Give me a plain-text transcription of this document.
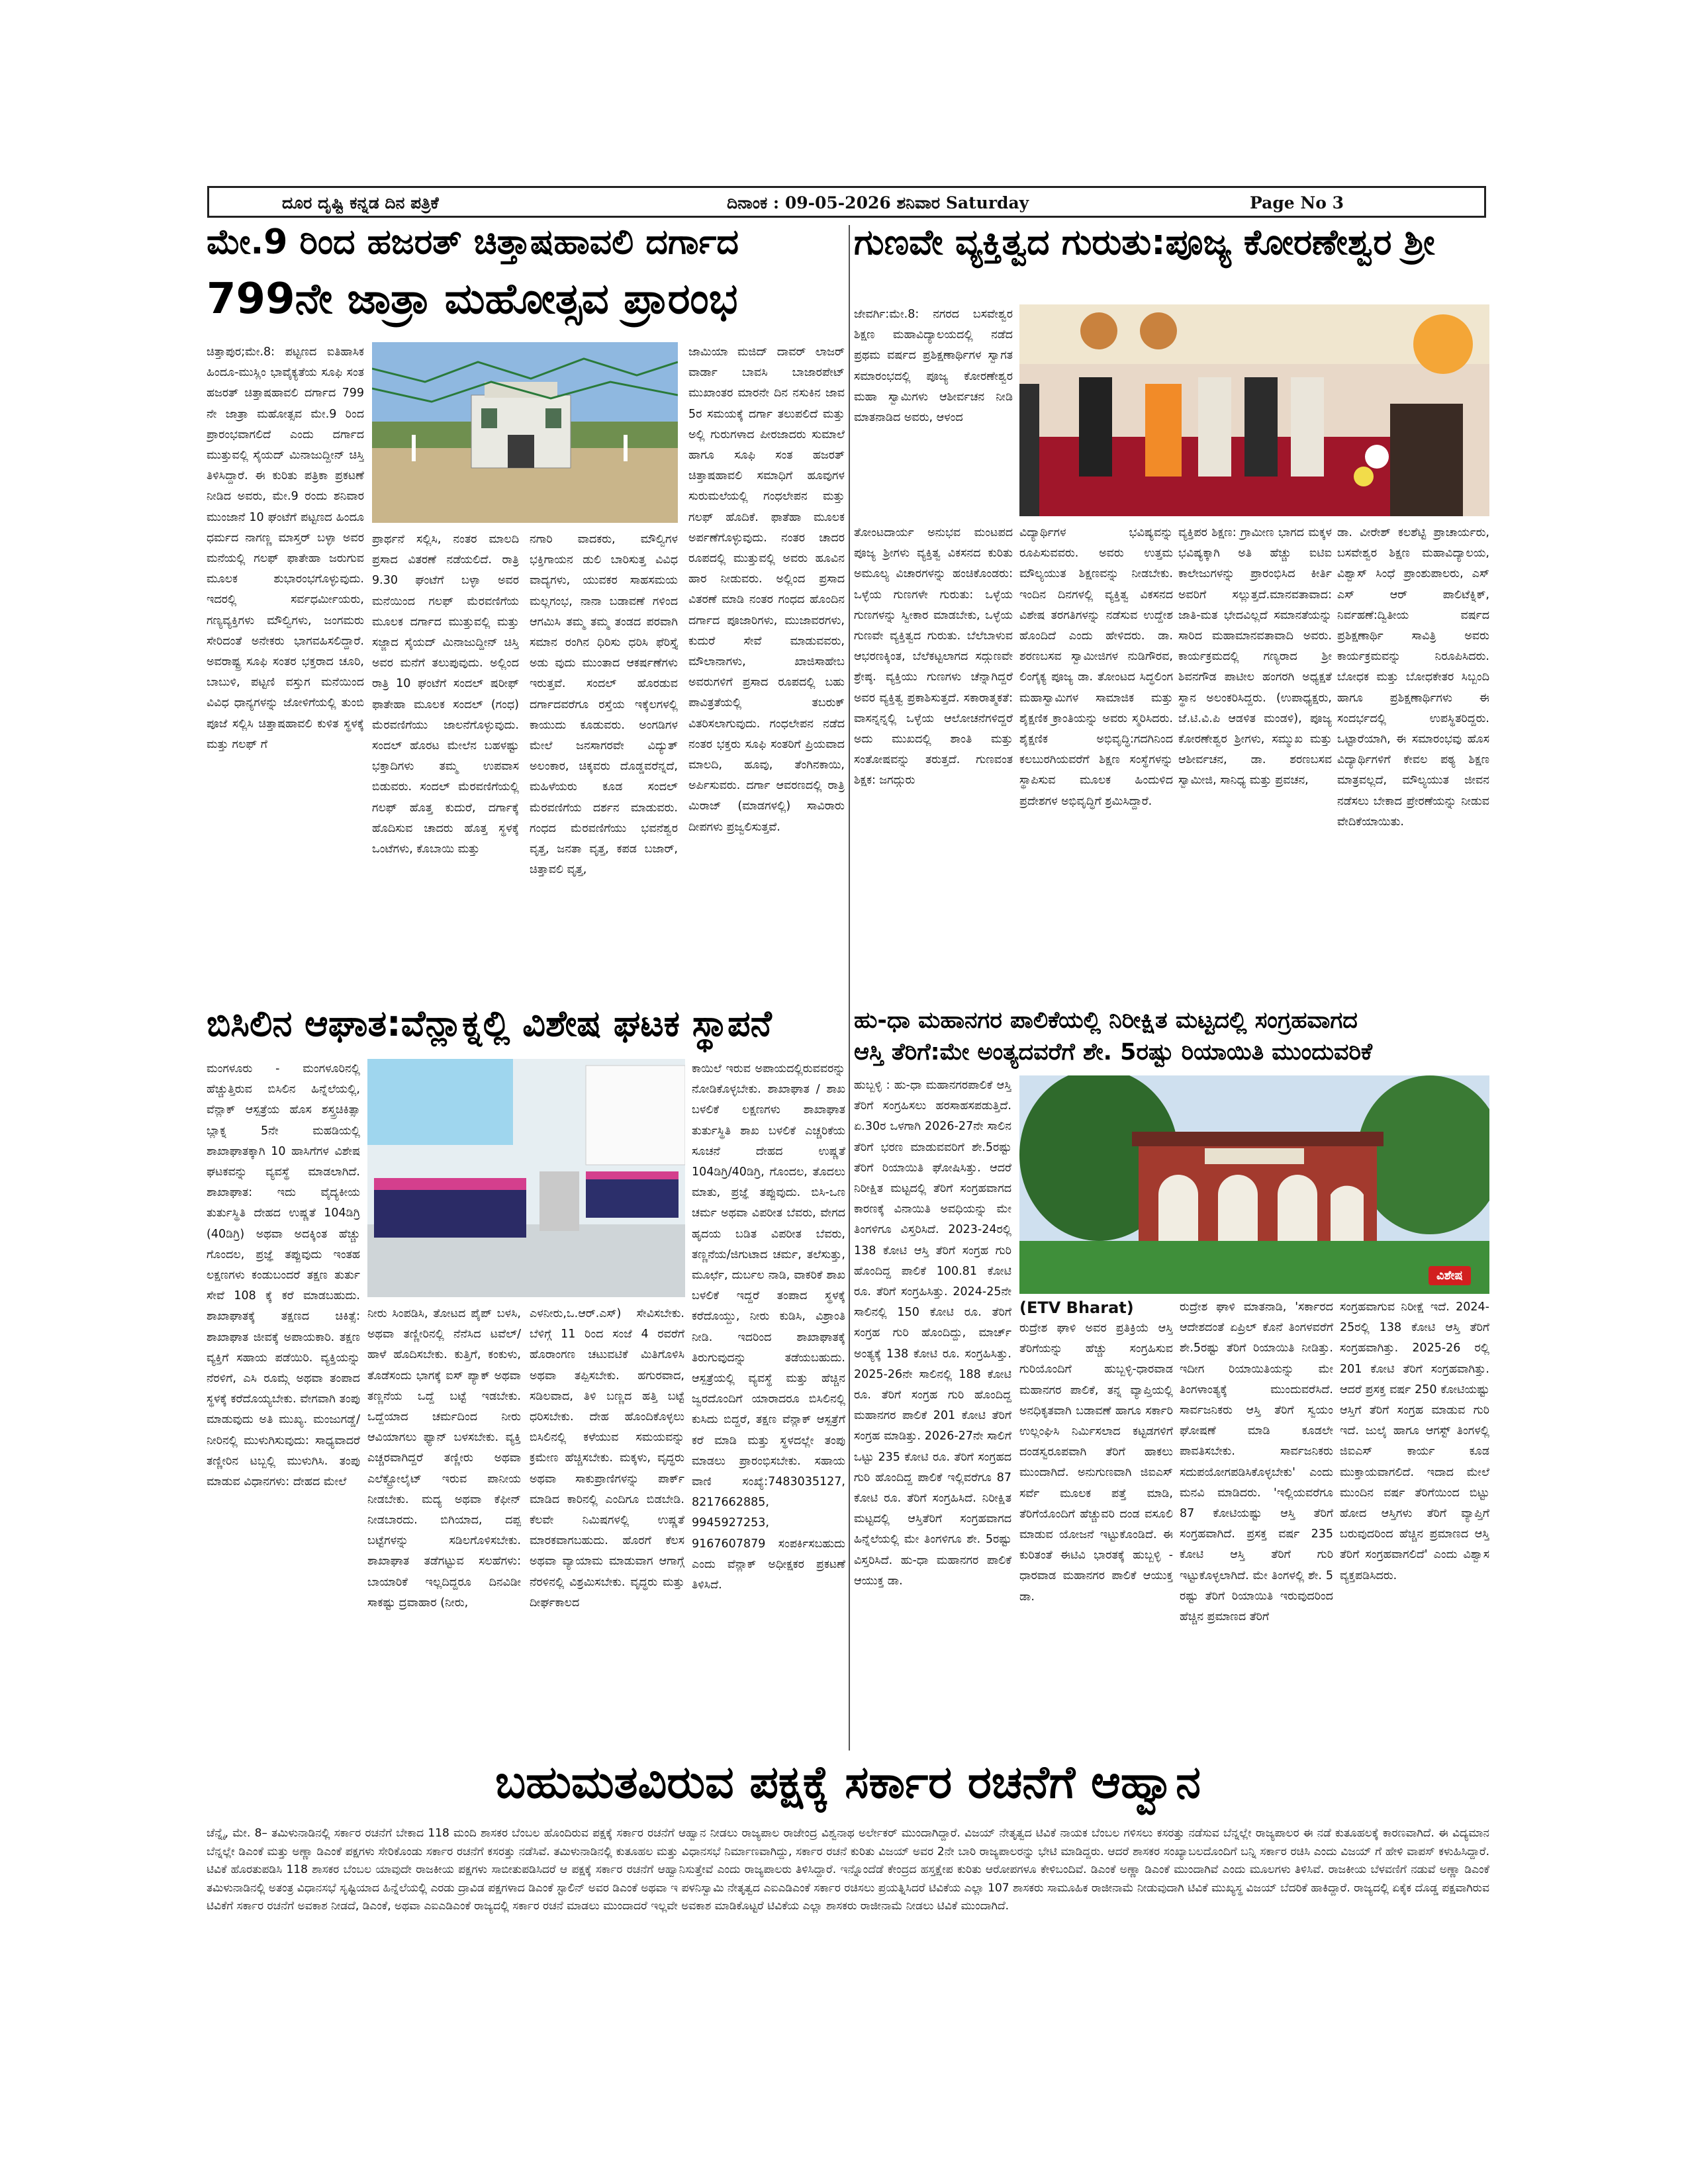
ದೂರ ದೃಷ್ಟಿ ಕನ್ನಡ ದಿನ ಪತ್ರಿಕೆ	ದಿನಾಂಕ : 09-05-2026 ಶನಿವಾರ Saturday	Page No 3
ಮೇ.9 ರಿಂದ ಹಜರತ್ ಚಿತ್ತಾಷಹಾವಲಿ ದರ್ಗಾದ
799ನೇ ಜಾತ್ರಾ ಮಹೋತ್ಸವ ಪ್ರಾರಂಭ

ಚಿತ್ತಾಪುರ;ಮೇ.8: ಪಟ್ಟಣದ ಐತಿಹಾಸಿಕ ಹಿಂದೂ-ಮುಸ್ಲಿಂ ಭಾವೈಕ್ಯತೆಯ ಸೂಫಿ ಸಂತ ಹಜರತ್ ಚಿತ್ತಾಷಹಾವಲಿ ದರ್ಗಾದ 799 ನೇ ಜಾತ್ರಾ ಮಹೋತ್ಸವ ಮೇ.9 ರಿಂದ ಪ್ರಾರಂಭವಾಗಲಿದೆ ಎಂದು ದರ್ಗಾದ ಮುತ್ತುವಲ್ಲಿ ಸೈಯದ್ ಮಿನಾಜುದ್ದೀನ್ ಚಿಸ್ತಿ ತಿಳಿಸಿದ್ದಾರೆ. ಈ ಕುರಿತು ಪತ್ರಿಕಾ ಪ್ರಕಟಣೆ ನೀಡಿದ ಅವರು, ಮೇ.9 ರಂದು ಶನಿವಾರ ಮುಂಜಾನೆ 10 ಘಂಟೆಗೆ ಪಟ್ಟಣದ ಹಿಂದೂ ಧರ್ಮದ ನಾಗಣ್ಣ ಮಾಸ್ತರ್ ಬಳ್ಳಾ ಅವರ ಮನೆಯಲ್ಲಿ ಗಲಫ್ ಫಾತೇಹಾ ಜರುಗುವ ಮೂಲಕ ಶುಭಾರಂಭಗೊಳ್ಳುವುದು. ಇದರಲ್ಲಿ ಸರ್ವಧರ್ಮೀಯರು, ಗಣ್ಯವ್ಯಕ್ತಿಗಳು ಮೌಲ್ವಿಗಳು, ಜಂಗಮರು ಸೇರಿದಂತೆ ಅನೇಕರು ಭಾಗವಹಿಸಲಿದ್ದಾರೆ. ಅವರಾಷ್ಟ್ರ ಸೂಫಿ ಸಂತರ ಭಕ್ತರಾದ ಚೂರಿ, ಬಾಬುಳಿ, ಪಟ್ಟಣಿ ವಸ್ತುಗ ಮನೆಯಿಂದ ವಿವಿಧ ಧಾನ್ಯಗಳನ್ನು ಜೋಳಿಗೆಯಲ್ಲಿ ತುಂಬಿ ಪೂಜೆ ಸಲ್ಲಿಸಿ ಚಿತ್ತಾಷಹಾವಲಿ ಕುಳಿತ ಸ್ಥಳಕ್ಕೆ ಮತ್ತು ಗಲಫ್ ಗೆ

ಪ್ರಾರ್ಥನೆ ಸಲ್ಲಿಸಿ, ನಂತರ ಮಾಲದಿ ಪ್ರಸಾದ ವಿತರಣೆ ನಡೆಯಲಿದೆ. ರಾತ್ರಿ 9.30 ಘಂಟೆಗೆ ಬಳ್ಳಾ ಅವರ ಮನೆಯಿಂದ ಗಲಫ್ ಮೆರವಣಿಗೆಯ ಮೂಲಕ ದರ್ಗಾದ ಮುತ್ತುವಲ್ಲಿ ಮತ್ತು ಸಜ್ಜಾದ ಸೈಯದ್ ಮಿನಾಜುದ್ದೀನ್ ಚಿಸ್ತಿ ಅವರ ಮನೆಗೆ ತಲುಪುವುದು. ಅಲ್ಲಿಂದ ರಾತ್ರಿ 10 ಘಂಟೆಗೆ ಸಂದಲ್ ಷರೀಫ್ ಫಾತೇಹಾ ಮೂಲಕ ಸಂದಲ್ (ಗಂಧ) ಮೆರವಣಿಗೆಯು ಜಾಲನೆಗೊಳ್ಳುವುದು. ಸಂದಲ್ ಹೊರಟ ಮೇಲೆನ ಬಹಳಷ್ಟು ಭಕ್ತಾದಿಗಳು ತಮ್ಮ ಉಪವಾಸ ಬಿಡುವರು. ಸಂದಲ್ ಮೆರವಣಿಗೆಯಲ್ಲಿ ಗಲಫ್ ಹೊತ್ತ ಕುದುರೆ, ದರ್ಗಾಕ್ಕೆ ಹೊದಿಸುವ ಚಾದರು ಹೊತ್ತ ಸ್ಥಳಕ್ಕೆ ಒಂಟೆಗಳು, ಕೊಬಾಯಿ ಮತ್ತು

ನಗಾರಿ ವಾದಕರು, ಮೌಲ್ವಿಗಳ ಭಕ್ತಿಗಾಯನ ಡುಲಿ ಬಾರಿಸುತ್ತ ವಿವಿಧ ವಾದ್ಯಗಳು, ಯುವಕರ ಸಾಹಸಮಯ ಮಲ್ಲಗಂಭ, ನಾನಾ ಬಡಾವಣೆ ಗಳಿಂದ ಆಗಮಿಸಿ ತಮ್ಮ ತಮ್ಮ ತಂಡದ ಪರವಾಗಿ ಸಮಾನ ರಂಗಿನ ಧಿರಿಸು ಧರಿಸಿ ಫೆರಿಸ್ತೈ ಅಡು ವುದು ಮುಂತಾದ ಆಕರ್ಷಣೆಗಳು ಇರುತ್ತವೆ. ಸಂದಲ್ ಹೊರಡುವ ದರ್ಗಾದವರೆಗೂ ರಸ್ತೆಯ ಇಕ್ಕೆಲಗಳಲ್ಲಿ ಕಾಯುದು ಕೂಡುವರು. ಅಂಗಡಿಗಳ ಮೇಲೆ ಜನಸಾಗರವೇ ವಿದ್ಯುತ್ ಅಲಂಕಾರ, ಚಿಕ್ಕವರು ದೊಡ್ಡವರೆನ್ನದೆ, ಮಹಿಳೆಯರು ಕೂಡ ಸಂದಲ್ ಮೆರವಣಿಗೆಯ ದರ್ಶನ ಮಾಡುವರು. ಗಂಧದ ಮೆರವಣಿಗೆಯು ಭವನೆಶ್ವರ ವೃತ್ತ, ಜನತಾ ವೃತ್ತ, ಕಪಡ ಬಜಾರ್, ಚಿತ್ತಾವಲಿ ವೃತ್ತ,

ಜಾಮಿಯಾ ಮಜಿದ್ ದಾವರ್ ಲಾಜರ್ ವಾರ್ಡಾ ಬಾವಸಿ ಬಾಜಾರಪೇಟ್ ಮುಖಾಂತರ ಮಾರನೇ ದಿನ ನಸುಕಿನ ಜಾವ 5ರ ಸಮಯಕ್ಕೆ ದರ್ಗಾ ತಲುಪಲಿದೆ ಮತ್ತು ಅಲ್ಲಿ ಗುರುಗಳಾದ ಪೀರಜಾದರು ಸುಮಾಲೆ ಹಾಗೂ ಸೂಫಿ ಸಂತ ಹಜರತ್ ಚಿತ್ತಾಷಹಾವಲಿ ಸಮಾಧಿಗೆ ಹೂವುಗಳ ಸುರುಮಲೆಯಲ್ಲಿ ಗಂಧಲೇಪನ ಮತ್ತು ಗಲಫ್ ಹೊದಿಕೆ. ಫಾತೆಹಾ ಮೂಲಕ ಅರ್ಪಣೆಗೊಳ್ಳುವುದು. ನಂತರ ಚಾದರ ರೂಪದಲ್ಲಿ ಮುತ್ತುವಲ್ಲಿ ಅವರು ಹೂವಿನ ಹಾರ ನೀಡುವರು. ಅಲ್ಲಿಂದ ಪ್ರಸಾದ ವಿತರಣೆ ಮಾಡಿ ನಂತರ ಗಂಧದ ಹೊಂದಿನ ದರ್ಗಾದ ಪೂಜಾರಿಗಳು, ಮುಜಾವರಗಳು, ಕುದುರೆ ಸೇವೆ ಮಾಡುವವರು, ಮೌಲಾನಾಗಳು, ಖಾಜಿಸಾಹೇಬ ಅವರುಗಳಿಗೆ ಪ್ರಸಾದ ರೂಪದಲ್ಲಿ ಬಹು ಪಾವಿತ್ರತೆಯಲ್ಲಿ ತಬರುಕ್ ವಿತರಿಸಲಾಗುವುದು. ಗಂಧಲೇಪನ ನಡೆದ ನಂತರ ಭಕ್ತರು ಸೂಫಿ ಸಂತರಿಗೆ ಪ್ರಿಯವಾದ ಮಾಲದಿ, ಹೂವು, ತೆಂಗಿನಕಾಯಿ, ಅರ್ಪಿಸುವರು. ದರ್ಗಾ ಆವರಣದಲ್ಲಿ ರಾತ್ರಿ ಮಿರಾಜ್ (ಮಾಡಗಳಲ್ಲಿ) ಸಾವಿರಾರು ದೀಪಗಳು ಪ್ರಜ್ವಲಿಸುತ್ತವೆ.

ಗುಣವೇ ವ್ಯಕ್ತಿತ್ವದ ಗುರುತು:ಪೂಜ್ಯ ಕೋರಣೇಶ್ವರ ಶ್ರೀ

ಜೇವರ್ಗಿ:ಮೇ.8: ನಗರದ ಬಸವೇಶ್ವರ ಶಿಕ್ಷಣ ಮಹಾವಿದ್ಯಾಲಯದಲ್ಲಿ ನಡೆದ ಪ್ರಥಮ ವರ್ಷದ ಪ್ರಶಿಕ್ಷಣಾರ್ಥಿಗಳ ಸ್ವಾಗತ ಸಮಾರಂಭದಲ್ಲಿ ಪೂಜ್ಯ ಕೋರಣೇಶ್ವರ ಮಹಾ ಸ್ವಾಮಿಗಳು ಆಶೀರ್ವಚನ ನೀಡಿ ಮಾತನಾಡಿದ ಅವರು, ಆಳಂದ

ತೋಂಟದಾರ್ಯ ಅನುಭವ ಮಂಟಪದ ಪೂಜ್ಯ ಶ್ರೀಗಳು ವ್ಯಕ್ತಿತ್ವ ವಿಕಸನದ ಕುರಿತು ಅಮೂಲ್ಯ ವಿಚಾರಗಳನ್ನು ಹಂಚಿಕೊಂಡರು: ಒಳ್ಳೆಯ ಗುಣಗಳೇ ಗುರುತು: ಒಳ್ಳೆಯ ಗುಣಗಳನ್ನು ಸ್ವೀಕಾರ ಮಾಡಬೇಕು, ಒಳ್ಳೆಯ ಗುಣವೇ ವ್ಯಕ್ತಿತ್ವದ ಗುರುತು. ಬೆಲೆಬಾಳುವ ಆಭರಣಕ್ಕಿಂತ, ಬೆಲೆಕಟ್ಟಲಾಗದ ಸದ್ಗುಣವೇ ಶ್ರೇಷ್ಠ. ವ್ಯಕ್ತಿಯು ಗುಣಗಳು ಚೆನ್ನಾಗಿದ್ದರೆ ಅವರ ವ್ಯಕ್ತಿತ್ವ ಪ್ರಕಾಶಿಸುತ್ತದೆ. ಸಕಾರಾತ್ಮಕತೆ: ವಾಸನ್ನನ್ನಲ್ಲಿ ಒಳ್ಳೆಯ ಆಲೋಚನೆಗಳಿದ್ದರೆ ಅದು ಮುಖದಲ್ಲಿ ಶಾಂತಿ ಮತ್ತು ಸಂತೋಷವನ್ನು ತರುತ್ತದೆ. ಗುಣವಂತ ಶಿಕ್ಷಕ: ಜಗದ್ಗುರು

ವಿದ್ಯಾರ್ಥಿಗಳ ಭವಿಷ್ಯವನ್ನು ರೂಪಿಸುವವರು. ಅವರು ಉತ್ತಮ ಮೌಲ್ಯಯುತ ಶಿಕ್ಷಣವನ್ನು ನೀಡಬೇಕು. ಇಂದಿನ ದಿನಗಳಲ್ಲಿ ವ್ಯಕ್ತಿತ್ವ ವಿಕಸನದ ವಿಶೇಷ ತರಗತಿಗಳನ್ನು ನಡೆಸುವ ಉದ್ದೇಶ ಹೊಂದಿದೆ ಎಂದು ಹೇಳಿದರು. ಡಾ. ಶರಣಬಸವ ಸ್ವಾಮೀಜಿಗಳ ನುಡಿಗೌರವ, ಲಿಂಗೈಕ್ಯ ಪೂಜ್ಯ ಡಾ. ತೋಂಟದ ಸಿದ್ಧಲಿಂಗ ಮಹಾಸ್ವಾಮಿಗಳ ಸಾಮಾಜಿಕ ಮತ್ತು ಶೈಕ್ಷಣಿಕ ಕ್ರಾಂತಿಯನ್ನು ಅವರು ಸ್ಮರಿಸಿದರು. ಶೈಕ್ಷಣಿಕ ಅಭಿವೃದ್ಧಿ:ಗದಗಿನಿಂದ ಕಲಬುರಗಿಯವರೆಗೆ ಶಿಕ್ಷಣ ಸಂಸ್ಥೆಗಳನ್ನು ಸ್ಥಾಪಿಸುವ ಮೂಲಕ ಹಿಂದುಳಿದ ಪ್ರದೇಶಗಳ ಅಭಿವೃದ್ಧಿಗೆ ಶ್ರಮಿಸಿದ್ದಾರೆ.

ವ್ಯಕ್ತಿಪರ ಶಿಕ್ಷಣ: ಗ್ರಾಮೀಣ ಭಾಗದ ಮಕ್ಕಳ ಭವಿಷ್ಯಕ್ಕಾಗಿ ಅತಿ ಹೆಚ್ಚು ಐಟಿಐ ಕಾಲೇಜುಗಳನ್ನು ಪ್ರಾರಂಭಿಸಿದ ಕೀರ್ತಿ ಅವರಿಗೆ ಸಲ್ಲುತ್ತದೆ.ಮಾನವತಾವಾದ: ಜಾತಿ-ಮತ ಭೇದವಿಲ್ಲದೆ ಸಮಾನತೆಯನ್ನು ಸಾರಿದ ಮಹಾಮಾನವತಾವಾದಿ ಅವರು. ಕಾರ್ಯಕ್ರಮದಲ್ಲಿ ಗಣ್ಯರಾದ ಶ್ರೀ ಶಿವನಗೌಡ ಪಾಟೀಲ ಹಂಗರಗಿ ಅಧ್ಯಕ್ಷತೆ ಸ್ಥಾನ ಅಲಂಕರಿಸಿದ್ದರು. (ಉಪಾಧ್ಯಕ್ಷರು, ಜೆ.ಟಿ.ವಿ.ಪಿ ಆಡಳಿತ ಮಂಡಳಿ), ಪೂಜ್ಯ ಕೋರಣೇಶ್ವರ ಶ್ರೀಗಳು, ಸಮ್ಮುಖ ಮತ್ತು ಆಶೀರ್ವಚನ, ಡಾ. ಶರಣಬಸವ ಸ್ವಾಮೀಜಿ, ಸಾನಿಧ್ಯ ಮತ್ತು ಪ್ರವಚನ,

ಡಾ. ವೀರೇಶ್ ಕಲಶೆಟ್ಟಿ ಪ್ರಾಚಾರ್ಯರು, ಬಸವೇಶ್ವರ ಶಿಕ್ಷಣ ಮಹಾವಿದ್ಯಾಲಯ, ವಿಶ್ವಾಸ್ ಸಿಂಧೆ ಪ್ರಾಂಶುಪಾಲರು, ಎಸ್ ಎಸ್ ಆರ್ ಪಾಲಿಟೆಕ್ನಿಕ್, ನಿರ್ವಹಣೆ:ದ್ವಿತೀಯ ವರ್ಷದ ಪ್ರಶಿಕ್ಷಣಾರ್ಥಿ ಸಾವಿತ್ರಿ ಅವರು ಕಾರ್ಯಕ್ರಮವನ್ನು ನಿರೂಪಿಸಿದರು. ಬೋಧಕ ಮತ್ತು ಬೋಧಕೇತರ ಸಿಬ್ಬಂದಿ ಹಾಗೂ ಪ್ರಶಿಕ್ಷಣಾರ್ಥಿಗಳು ಈ ಸಂದರ್ಭದಲ್ಲಿ ಉಪಸ್ಥಿತರಿದ್ದರು. ಒಟ್ಟಾರೆಯಾಗಿ, ಈ ಸಮಾರಂಭವು ಹೊಸ ವಿದ್ಯಾರ್ಥಿಗಳಿಗೆ ಕೇವಲ ಪಠ್ಯ ಶಿಕ್ಷಣ ಮಾತ್ರವಲ್ಲದೆ, ಮೌಲ್ಯಯುತ ಜೀವನ ನಡೆಸಲು ಬೇಕಾದ ಪ್ರೇರಣೆಯನ್ನು ನೀಡುವ ವೇದಿಕೆಯಾಯಿತು.

ಬಿಸಿಲಿನ ಆಘಾತ:ವೆನ್ಲಾಕ್ನಲ್ಲಿ ವಿಶೇಷ ಘಟಕ ಸ್ಥಾಪನೆ

ಮಂಗಳೂರು - ಮಂಗಳೂರಿನಲ್ಲಿ ಹೆಚ್ಚುತ್ತಿರುವ ಬಿಸಿಲಿನ ಹಿನ್ನೆಲೆಯಲ್ಲಿ, ವೆನ್ಲಾಕ್ ಆಸ್ಪತ್ರೆಯ ಹೊಸ ಶಸ್ತ್ರಚಿಕಿತ್ಸಾ ಬ್ಲಾಕ್ನ 5ನೇ ಮಹಡಿಯಲ್ಲಿ ಶಾಖಾಘಾತಕ್ಕಾಗಿ 10 ಹಾಸಿಗೆಗಳ ವಿಶೇಷ ಘಟಕವನ್ನು ವ್ಯವಸ್ಥೆ ಮಾಡಲಾಗಿದೆ. ಶಾಖಾಘಾತ: ಇದು ವೈದ್ಯಕೀಯ ತುರ್ತುಸ್ಥಿತಿ ದೇಹದ ಉಷ್ಣತೆ 104ಡಿಗ್ರಿ (40ಡಿಗ್ರಿ) ಅಥವಾ ಅದಕ್ಕಿಂತ ಹೆಚ್ಚು ಗೊಂದಲ, ಪ್ರಜ್ಞೆ ತಪ್ಪುವುದು ಇಂತಹ ಲಕ್ಷಣಗಳು ಕಂಡುಬಂದರೆ ತಕ್ಷಣ ತುರ್ತು ಸೇವೆ 108 ಕ್ಕೆ ಕರೆ ಮಾಡಬಹುದು. ಶಾಖಾಘಾತಕ್ಕೆ ತಕ್ಷಣದ ಚಿಕಿತ್ಸೆ: ಶಾಖಾಘಾತ ಜೀವಕ್ಕೆ ಅಪಾಯಕಾರಿ. ತಕ್ಷಣ ವ್ಯಕ್ತಿಗೆ ಸಹಾಯ ಪಡೆಯಿರಿ. ವ್ಯಕ್ತಿಯನ್ನು ನೆರಳಿಗೆ, ಎಸಿ ರೂಮ್ಗೆ ಅಥವಾ ತಂಪಾದ ಸ್ಥಳಕ್ಕೆ ಕರೆದೊಯ್ಯಬೇಕು. ವೇಗವಾಗಿ ತಂಪು ಮಾಡುವುದು ಅತಿ ಮುಖ್ಯ. ಮಂಜುಗಡ್ಡೆ/ನೀರಿನಲ್ಲಿ ಮುಳುಗಿಸುವುದು: ಸಾಧ್ಯವಾದರೆ ತಣ್ಣೀರಿನ ಟಬ್ಬಲ್ಲಿ ಮುಳುಗಿಸಿ. ತಂಪು ಮಾಡುವ ವಿಧಾನಗಳು: ದೇಹದ ಮೇಲೆ

ನೀರು ಸಿಂಪಡಿಸಿ, ತೋಟದ ಪೈಪ್ ಬಳಸಿ, ಅಥವಾ ತಣ್ಣೀರಿನಲ್ಲಿ ನೆನೆಸಿದ ಟವೆಲ್/ಹಾಳೆ ಹೊದಿಸಬೇಕು. ಕುತ್ತಿಗೆ, ಕಂಕುಳು, ತೊಡೆಸಂದು ಭಾಗಕ್ಕೆ ಐಸ್ ಪ್ಯಾಕ್ ಅಥವಾ ತಣ್ಣನೆಯ ಒದ್ದೆ ಬಟ್ಟೆ ಇಡಬೇಕು. ಒದ್ದೆಯಾದ ಚರ್ಮದಿಂದ ನೀರು ಆವಿಯಾಗಲು ಫ್ಯಾನ್ ಬಳಸಬೇಕು. ವ್ಯಕ್ತಿ ಎಚ್ಚರವಾಗಿದ್ದರೆ ತಣ್ಣೀರು ಅಥವಾ ಎಲೆಕ್ಟ್ರೋಲೈಟ್ ಇರುವ ಪಾನೀಯ ನೀಡಬೇಕು. ಮದ್ಯ ಅಥವಾ ಕೆಫೀನ್ ನೀಡಬಾರದು. ಬಿಗಿಯಾದ, ದಪ್ಪ ಬಟ್ಟೆಗಳನ್ನು ಸಡಿಲಗೊಳಿಸಬೇಕು. ಶಾಖಾಘಾತ ತಡೆಗಟ್ಟುವ ಸಲಹೆಗಳು: ಬಾಯಾರಿಕೆ ಇಲ್ಲದಿದ್ದರೂ ದಿನವಿಡೀ ಸಾಕಷ್ಟು ದ್ರವಾಹಾರ (ನೀರು,

ಎಳನೀರು,ಒ.ಆರ್.ಎಸ್) ಸೇವಿಸಬೇಕು. ಬೆಳಿಗ್ಗೆ 11 ರಿಂದ ಸಂಜೆ 4 ರವರೆಗೆ ಹೊರಾಂಗಣ ಚಟುವಟಿಕೆ ಮಿತಿಗೊಳಿಸಿ ಅಥವಾ ತಪ್ಪಿಸಬೇಕು. ಹಗುರವಾದ, ಸಡಿಲವಾದ, ತಿಳಿ ಬಣ್ಣದ ಹತ್ತಿ ಬಟ್ಟೆ ಧರಿಸಬೇಕು. ದೇಹ ಹೊಂದಿಕೊಳ್ಳಲು ಬಿಸಿಲಿನಲ್ಲಿ ಕಳೆಯುವ ಸಮಯವನ್ನು ಕ್ರಮೇಣ ಹೆಚ್ಚಿಸಬೇಕು. ಮಕ್ಕಳು, ವೃದ್ಧರು ಅಥವಾ ಸಾಕುಪ್ರಾಣಿಗಳನ್ನು ಪಾರ್ಕ್ ಮಾಡಿದ ಕಾರಿನಲ್ಲಿ ಎಂದಿಗೂ ಬಿಡಬೇಡಿ. ಕೆಲವೇ ನಿಮಿಷಗಳಲ್ಲಿ ಉಷ್ಣತೆ ಮಾರಕವಾಗಬಹುದು. ಹೊರಗೆ ಕೆಲಸ ಅಥವಾ ವ್ಯಾಯಾಮ ಮಾಡುವಾಗ ಆಗಾಗ್ಗೆ ನೆರಳಿನಲ್ಲಿ ವಿಶ್ರಮಿಸಬೇಕು. ವೃದ್ಧರು ಮತ್ತು ದೀರ್ಘಕಾಲದ

ಕಾಯಿಲೆ ಇರುವ ಅಪಾಯದಲ್ಲಿರುವವರನ್ನು ನೋಡಿಕೊಳ್ಳಬೇಕು. ಶಾಖಾಘಾತ / ಶಾಖ ಬಳಲಿಕೆ ಲಕ್ಷಣಗಳು ಶಾಖಾಘಾತ ತುರ್ತುಸ್ಥಿತಿ ಶಾಖ ಬಳಲಿಕೆ ಎಚ್ಚರಿಕೆಯ ಸೂಚನೆ ದೇಹದ ಉಷ್ಣತೆ 104ಡಿಗ್ರಿ/40ಡಿಗ್ರಿ, ಗೊಂದಲ, ತೊದಲು ಮಾತು, ಪ್ರಜ್ಞೆ ತಪ್ಪುವುದು. ಬಿಸಿ-ಒಣ ಚರ್ಮ ಅಥವಾ ವಿಪರೀತ ಬೆವರು, ವೇಗದ ಹೃದಯ ಬಡಿತ ವಿಪರೀತ ಬೆವರು, ತಣ್ಣನೆಯ/ಜಿಗುಟಾದ ಚರ್ಮ, ತಲೆಸುತ್ತು, ಮೂರ್ಛೆ, ದುರ್ಬಲ ನಾಡಿ, ವಾಕರಿಕೆ ಶಾಖ ಬಳಲಿಕೆ ಇದ್ದರೆ ತಂಪಾದ ಸ್ಥಳಕ್ಕೆ ಕರೆದೊಯ್ದು, ನೀರು ಕುಡಿಸಿ, ವಿಶ್ರಾಂತಿ ನೀಡಿ. ಇದರಿಂದ ಶಾಖಾಘಾತಕ್ಕೆ ತಿರುಗುವುದನ್ನು ತಡೆಯಬಹುದು. ಆಸ್ಪತ್ರೆಯಲ್ಲಿ ವ್ಯವಸ್ಥೆ ಮತ್ತು ಹೆಚ್ಚಿನ ಜ್ವರದೊಂದಿಗೆ ಯಾರಾದರೂ ಬಿಸಿಲಿನಲ್ಲಿ ಕುಸಿದು ಬಿದ್ದರೆ, ತಕ್ಷಣ ವೆನ್ಲಾಕ್ ಆಸ್ಪತ್ರೆಗೆ ಕರೆ ಮಾಡಿ ಮತ್ತು ಸ್ಥಳದಲ್ಲೇ ತಂಪು ಮಾಡಲು ಪ್ರಾರಂಭಿಸಬೇಕು. ಸಹಾಯ ವಾಣಿ ಸಂಖ್ಯೆ:7483035127, 8217662885, 9945927253, 9167607879 ಸಂಪರ್ಕಿಸಬಹುದು ಎಂದು ವೆನ್ಲಾಕ್ ಅಧೀಕ್ಷಕರ ಪ್ರಕಟಣೆ ತಿಳಿಸಿದೆ.

ಹು-ಧಾ ಮಹಾನಗರ ಪಾಲಿಕೆಯಲ್ಲಿ ನಿರೀಕ್ಷಿತ ಮಟ್ಟದಲ್ಲಿ ಸಂಗ್ರಹವಾಗದ
ಆಸ್ತಿ ತೆರಿಗೆ:ಮೇ ಅಂತ್ಯದವರೆಗೆ ಶೇ. 5ರಷ್ಟು ರಿಯಾಯಿತಿ ಮುಂದುವರಿಕೆ

ಹುಬ್ಬಳ್ಳಿ : ಹು-ಧಾ ಮಹಾನಗರಪಾಲಿಕೆ ಆಸ್ತಿ ತೆರಿಗೆ ಸಂಗ್ರಹಿಸಲು ಹರಸಾಹಸಪಡುತ್ತಿದೆ. ಏ.30ರ ಒಳಗಾಗಿ 2026-27ನೇ ಸಾಲಿನ ತೆರಿಗೆ ಭರಣ ಮಾಡುವವರಿಗೆ ಶೇ.5ರಷ್ಟು ತೆರಿಗೆ ರಿಯಾಯಿತಿ ಘೋಷಿಸಿತ್ತು. ಆದರೆ ನಿರೀಕ್ಷಿತ ಮಟ್ಟದಲ್ಲಿ ತೆರಿಗೆ ಸಂಗ್ರಹವಾಗದ ಕಾರಣಕ್ಕೆ ವಿನಾಯಿತಿ ಅವಧಿಯನ್ನು ಮೇ ತಿಂಗಳಿಗೂ ವಿಸ್ತರಿಸಿದೆ. 2023-24ರಲ್ಲಿ 138 ಕೋಟಿ ಆಸ್ತಿ ತೆರಿಗೆ ಸಂಗ್ರಹ ಗುರಿ ಹೊಂದಿದ್ದ ಪಾಲಿಕೆ 100.81 ಕೋಟಿ ರೂ. ತೆರಿಗೆ ಸಂಗ್ರಹಿಸಿತ್ತು. 2024-25ನೇ ಸಾಲಿನಲ್ಲಿ 150 ಕೋಟಿ ರೂ. ತೆರಿಗೆ ಸಂಗ್ರಹ ಗುರಿ ಹೊಂದಿದ್ದು, ಮಾರ್ಚ್ ಅಂತ್ಯಕ್ಕೆ 138 ಕೋಟಿ ರೂ. ಸಂಗ್ರಹಿಸಿತ್ತು. 2025-26ನೇ ಸಾಲಿನಲ್ಲಿ 188 ಕೋಟಿ ರೂ. ತೆರಿಗೆ ಸಂಗ್ರಹ ಗುರಿ ಹೊಂದಿದ್ದ ಮಹಾನಗರ ಪಾಲಿಕೆ 201 ಕೋಟಿ ತೆರಿಗೆ ಸಂಗ್ರಹ ಮಾಡಿತ್ತು. 2026-27ನೇ ಸಾಲಿಗೆ ಒಟ್ಟು 235 ಕೋಟಿ ರೂ. ತೆರಿಗೆ ಸಂಗ್ರಹದ ಗುರಿ ಹೊಂದಿದ್ದ ಪಾಲಿಕೆ ಇಲ್ಲಿವರೆಗೂ 87 ಕೋಟಿ ರೂ. ತೆರಿಗೆ ಸಂಗ್ರಹಿಸಿದೆ. ನಿರೀಕ್ಷಿತ ಮಟ್ಟದಲ್ಲಿ ಆಸ್ತಿತೆರಿಗೆ ಸಂಗ್ರಹವಾಗದ ಹಿನ್ನೆಲೆಯಲ್ಲಿ ಮೇ ತಿಂಗಳಿಗೂ ಶೇ. 5ರಷ್ಟು ವಿಸ್ತರಿಸಿದೆ. ಹು-ಧಾ ಮಹಾನಗರ ಪಾಲಿಕೆ ಆಯುಕ್ತ ಡಾ.

ವಿಶೇಷ
(ETV Bharat)

ರುದ್ರೇಶ ಘಾಳಿ ಅವರ ಪ್ರತಿಕ್ರಿಯೆ ಆಸ್ತಿ ತೆರಿಗೆಯನ್ನು ಹೆಚ್ಚು ಸಂಗ್ರಹಿಸುವ ಗುರಿಯೊಂದಿಗೆ ಹುಬ್ಬಳ್ಳಿ-ಧಾರವಾಡ ಮಹಾನಗರ ಪಾಲಿಕೆ, ತನ್ನ ವ್ಯಾಪ್ತಿಯಲ್ಲಿ ಅನಧಿಕೃತವಾಗಿ ಬಡಾವಣೆ ಹಾಗೂ ಸರ್ಕಾರಿ ಉಲ್ಲಂಘಿಸಿ ನಿರ್ಮಿಸಲಾದ ಕಟ್ಟಡಗಳಿಗೆ ದಂಡಸ್ವರೂಪವಾಗಿ ತೆರಿಗೆ ಹಾಕಲು ಮುಂದಾಗಿದೆ. ಅನುಗುಣವಾಗಿ ಜಿಐಎಸ್ ಸರ್ವೆ ಮೂಲಕ ಪತ್ತೆ ಮಾಡಿ, ತೆರಿಗೆಯೊಂದಿಗೆ ಹೆಚ್ಚುವರಿ ದಂಡ ವಸೂಲಿ ಮಾಡುವ ಯೋಜನೆ ಇಟ್ಟುಕೊಂಡಿದೆ. ಈ ಕುರಿತಂತೆ ಈಟಿವಿ ಭಾರತಕ್ಕೆ ಹುಬ್ಬಳ್ಳಿ - ಧಾರವಾಡ ಮಹಾನಗರ ಪಾಲಿಕೆ ಆಯುಕ್ತ ಡಾ.

ರುದ್ರೇಶ ಘಾಳಿ ಮಾತನಾಡಿ, 'ಸರ್ಕಾರದ ಆದೇಶದಂತೆ ಏಪ್ರಿಲ್ ಕೊನೆ ತಿಂಗಳವರೆಗೆ ಶೇ.5ರಷ್ಟು ತೆರಿಗೆ ರಿಯಾಯಿತಿ ನೀಡಿತ್ತು. ಇದೀಗ ರಿಯಾಯಿತಿಯನ್ನು ಮೇ ತಿಂಗಳಾಂತ್ಯಕ್ಕೆ ಮುಂದುವರೆಸಿದೆ. ಸಾರ್ವಜನಿಕರು ಆಸ್ತಿ ತೆರಿಗೆ ಸ್ವಯಂ ಘೋಷಣೆ ಮಾಡಿ ಕೂಡಲೇ ಪಾವತಿಸಬೇಕು. ಸಾರ್ವಜನಿಕರು ಸದುಪಯೋಗಪಡಿಸಿಕೊಳ್ಳಬೇಕು' ಎಂದು ಮನವಿ ಮಾಡಿದರು. 'ಇಲ್ಲಿಯವರೆಗೂ 87 ಕೋಟಿಯಷ್ಟು ಆಸ್ತಿ ತೆರಿಗೆ ಸಂಗ್ರಹವಾಗಿದೆ. ಪ್ರಸಕ್ತ ವರ್ಷ 235 ಕೋಟಿ ಆಸ್ತಿ ತೆರಿಗೆ ಗುರಿ ಇಟ್ಟುಕೊಳ್ಳಲಾಗಿದೆ. ಮೇ ತಿಂಗಳಲ್ಲಿ ಶೇ. 5 ರಷ್ಟು ತೆರಿಗೆ ರಿಯಾಯಿತಿ ಇರುವುದರಿಂದ ಹೆಚ್ಚಿನ ಪ್ರಮಾಣದ ತೆರಿಗೆ

ಸಂಗ್ರಹವಾಗುವ ನಿರೀಕ್ಷೆ ಇದೆ. 2024-25ರಲ್ಲಿ 138 ಕೋಟಿ ಆಸ್ತಿ ತೆರಿಗೆ ಸಂಗ್ರಹವಾಗಿತ್ತು. 2025-26 ರಲ್ಲಿ 201 ಕೋಟಿ ತೆರಿಗೆ ಸಂಗ್ರಹವಾಗಿತ್ತು. ಆದರೆ ಪ್ರಸಕ್ತ ವರ್ಷ 250 ಕೋಟಿಯಷ್ಟು ಆಸ್ತಿಗೆ ತೆರಿಗೆ ಸಂಗ್ರಹ ಮಾಡುವ ಗುರಿ ಇದೆ. ಜುಲೈ ಹಾಗೂ ಆಗಸ್ಟ್ ತಿಂಗಳಲ್ಲಿ ಜಿಐಎಸ್ ಕಾರ್ಯ ಕೂಡ ಮುಕ್ತಾಯವಾಗಲಿದೆ. ಇದಾದ ಮೇಲೆ ಮುಂದಿನ ವರ್ಷ ತೆರಿಗೆಯಿಂದ ಬಿಟ್ಟು ಹೋದ ಆಸ್ತಿಗಳು ತೆರಿಗೆ ವ್ಯಾಪ್ತಿಗೆ ಬರುವುದರಿಂದ ಹೆಚ್ಚಿನ ಪ್ರಮಾಣದ ಆಸ್ತಿ ತೆರಿಗೆ ಸಂಗ್ರಹವಾಗಲಿದೆ' ಎಂದು ವಿಶ್ವಾಸ ವ್ಯಕ್ತಪಡಿಸಿದರು.

ಬಹುಮತವಿರುವ ಪಕ್ಷಕ್ಕೆ ಸರ್ಕಾರ ರಚನೆಗೆ ಆಹ್ವಾನ
ಚೆನ್ನೈ, ಮೇ. 8– ತಮಿಳುನಾಡಿನಲ್ಲಿ ಸರ್ಕಾರ ರಚನೆಗೆ ಬೇಕಾದ 118 ಮಂದಿ ಶಾಸಕರ ಬೆಂಬಲ ಹೊಂದಿರುವ ಪಕ್ಷಕ್ಕೆ ಸರ್ಕಾರ ರಚನೆಗೆ ಆಹ್ವಾನ ನೀಡಲು ರಾಜ್ಯಪಾಲ ರಾಜೇಂದ್ರ ವಿಶ್ವನಾಥ ಅರ್ಲೇಕರ್ ಮುಂದಾಗಿದ್ದಾರೆ. ವಿಜಯ್ ನೇತೃತ್ವದ ಟಿವಿಕೆ ನಾಯಕ ಬೆಂಬಲ ಗಳಿಸಲು ಕಸರತ್ತು ನಡೆಸುವ ಬೆನ್ನಲ್ಲೇ ರಾಜ್ಯಪಾಲರ ಈ ನಡೆ ಕುತೂಹಲಕ್ಕೆ ಕಾರಣವಾಗಿದೆ. ಈ ವಿದ್ಯಮಾನ ಬೆನ್ನಲ್ಲೇ ಡಿಎಂಕೆ ಮತ್ತು ಅಣ್ಣಾ ಡಿಎಂಕೆ ಪಕ್ಷಗಳು ಸೇರಿಕೊಂಡು ಸರ್ಕಾರ ರಚನೆಗೆ ಕಸರತ್ತು ನಡೆಸಿವೆ. ತಮಿಳುನಾಡಿನಲ್ಲಿ ಕುತೂಹಲ ಮತ್ತು ವಿಧಾನಸಭೆ ನಿರ್ಮಾಣವಾಗಿದ್ದು, ಸರ್ಕಾರ ರಚನೆ ಕುರಿತು ವಿಜಯ್ ಅವರ 2ನೇ ಬಾರಿ ರಾಜ್ಯಪಾಲರನ್ನು ಭೇಟಿ ಮಾಡಿದ್ದರು. ಆದರೆ ಶಾಸಕರ ಸಂಖ್ಯಾಬಲದೊಂದಿಗೆ ಬನ್ನಿ ಸರ್ಕಾರ ರಚಿಸಿ ಎಂದು ವಿಜಯ್ ಗೆ ಹೇಳಿ ವಾಪಸ್ ಕಳುಹಿಸಿದ್ದಾರೆ. ಟಿವಿಕೆ ಹೊರತುಪಡಿಸಿ 118 ಶಾಸಕರ ಬೆಂಬಲ ಯಾವುದೇ ರಾಜಕೀಯ ಪಕ್ಷಗಳು ಸಾಬೀತುಪಡಿಸಿದರೆ ಆ ಪಕ್ಷಕ್ಕೆ ಸರ್ಕಾರ ರಚನೆಗೆ ಆಹ್ವಾನಿಸುತ್ತೇವೆ ಎಂದು ರಾಜ್ಯಪಾಲರು ತಿಳಿಸಿದ್ದಾರೆ. ಇನ್ನೊಂದೆಡೆ ಕೇಂದ್ರದ ಹಸ್ತಕ್ಷೇಪ ಕುರಿತು ಆರೋಪಗಳೂ ಕೇಳಿಬಂದಿವೆ. ಡಿಎಂಕೆ ಅಣ್ಣಾ ಡಿಎಂಕೆ ಮುಂದಾಗಿವೆ ಎಂದು ಮೂಲಗಳು ತಿಳಿಸಿವೆ. ರಾಜಕೀಯ ಬೆಳವಣಿಗೆ ನಡುವೆ ಅಣ್ಣಾ ಡಿಎಂಕೆ ತಮಿಳುನಾಡಿನಲ್ಲಿ ಅತಂತ್ರ ವಿಧಾನಸಭೆ ಸೃಷ್ಟಿಯಾದ ಹಿನ್ನೆಲೆಯಲ್ಲಿ ಎರಡು ದ್ರಾವಿಡ ಪಕ್ಷಗಳಾದ ಡಿಎಂಕೆ ಸ್ಟಾಲಿನ್ ಅವರ ಡಿಎಂಕೆ ಅಥವಾ ಇ ಪಳನಿಸ್ವಾಮಿ ನೇತೃತ್ವದ ಎಐಎಡಿಎಂಕೆ ಸರ್ಕಾರ ರಚಿಸಲು ಪ್ರಯತ್ನಿಸಿದರೆ ಟಿವಿಕೆಯ ಎಲ್ಲಾ 107 ಶಾಸಕರು ಸಾಮೂಹಿಕ ರಾಜೀನಾಮೆ ನೀಡುವುದಾಗಿ ಟಿವಿಕೆ ಮುಖ್ಯಸ್ಥ ವಿಜಯ್ ಬೆದರಿಕೆ ಹಾಕಿದ್ದಾರೆ. ರಾಜ್ಯದಲ್ಲಿ ಏಕೈಕ ದೊಡ್ಡ ಪಕ್ಷವಾಗಿರುವ ಟಿವಿಕೆಗೆ ಸರ್ಕಾರ ರಚನೆಗೆ ಅವಕಾಶ ನೀಡದೆ, ಡಿಎಂಕೆ, ಅಥವಾ ಎಐಎಡಿಎಂಕೆ ರಾಜ್ಯದಲ್ಲಿ ಸರ್ಕಾರ ರಚನೆ ಮಾಡಲು ಮುಂದಾದರೆ ಇಲ್ಲವೇ ಅವಕಾಶ ಮಾಡಿಕೊಟ್ಟರೆ ಟಿವಿಕೆಯ ಎಲ್ಲಾ ಶಾಸಕರು ರಾಜೀನಾಮೆ ನೀಡಲು ಟಿವಿಕೆ ಮುಂದಾಗಿದೆ.
